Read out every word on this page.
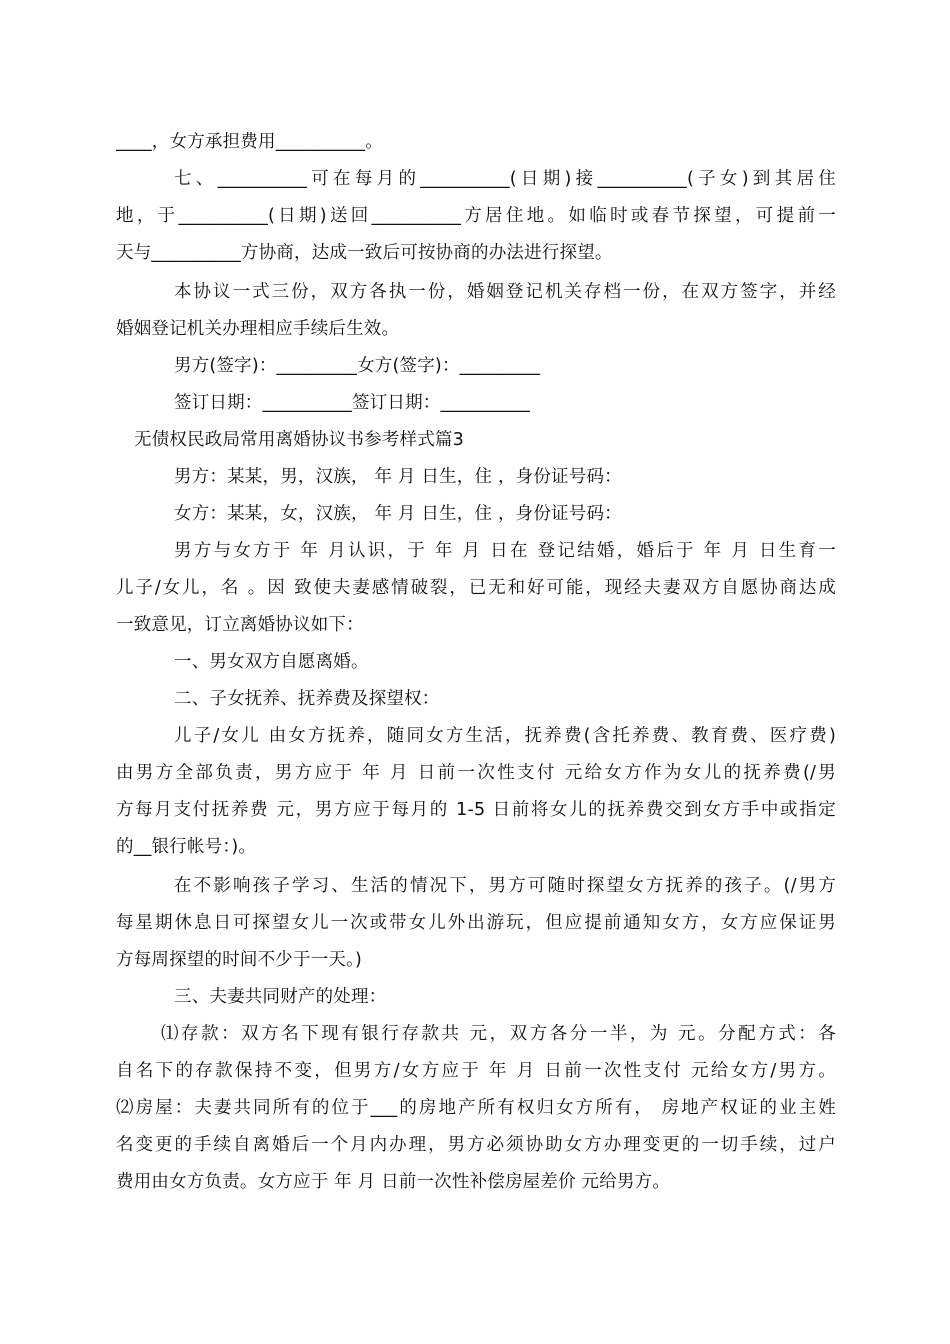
____，女方承担费用__________。
七、__________可在每月的__________(日期)接__________(子女)到其居住
地，于__________(日期)送回__________方居住地。如临时或春节探望，可提前一
天与__________方协商，达成一致后可按协商的办法进行探望。
本协议一式三份，双方各执一份，婚姻登记机关存档一份，在双方签字，并经
婚姻登记机关办理相应手续后生效。
男方(签字)：_________女方(签字)：_________
签订日期：__________签订日期：__________
无债权民政局常用离婚协议书参考样式篇3
男方：某某，男，汉族， 年 月 日生，住 ，身份证号码：
女方：某某，女，汉族， 年 月 日生，住 ，身份证号码：
男方与女方于 年 月认识，于 年 月 日在 登记结婚，婚后于 年 月 日生育一
儿子/女儿，名 。因 致使夫妻感情破裂，已无和好可能，现经夫妻双方自愿协商达成
一致意见，订立离婚协议如下：
一、男女双方自愿离婚。
二、子女抚养、抚养费及探望权：
儿子/女儿 由女方抚养，随同女方生活，抚养费(含托养费、教育费、医疗费)
由男方全部负责，男方应于 年 月 日前一次性支付 元给女方作为女儿的抚养费(/男
方每月支付抚养费 元，男方应于每月的 1-5 日前将女儿的抚养费交到女方手中或指定
的__银行帐号：)。
在不影响孩子学习、生活的情况下，男方可随时探望女方抚养的孩子。(/男方
每星期休息日可探望女儿一次或带女儿外出游玩，但应提前通知女方，女方应保证男
方每周探望的时间不少于一天。)
三、夫妻共同财产的处理：
⑴存款：双方名下现有银行存款共 元，双方各分一半，为 元。分配方式：各
自名下的存款保持不变，但男方/女方应于 年 月 日前一次性支付 元给女方/男方。
⑵房屋：夫妻共同所有的位于___的房地产所有权归女方所有， 房地产权证的业主姓
名变更的手续自离婚后一个月内办理，男方必须协助女方办理变更的一切手续，过户
费用由女方负责。女方应于 年 月 日前一次性补偿房屋差价 元给男方。
